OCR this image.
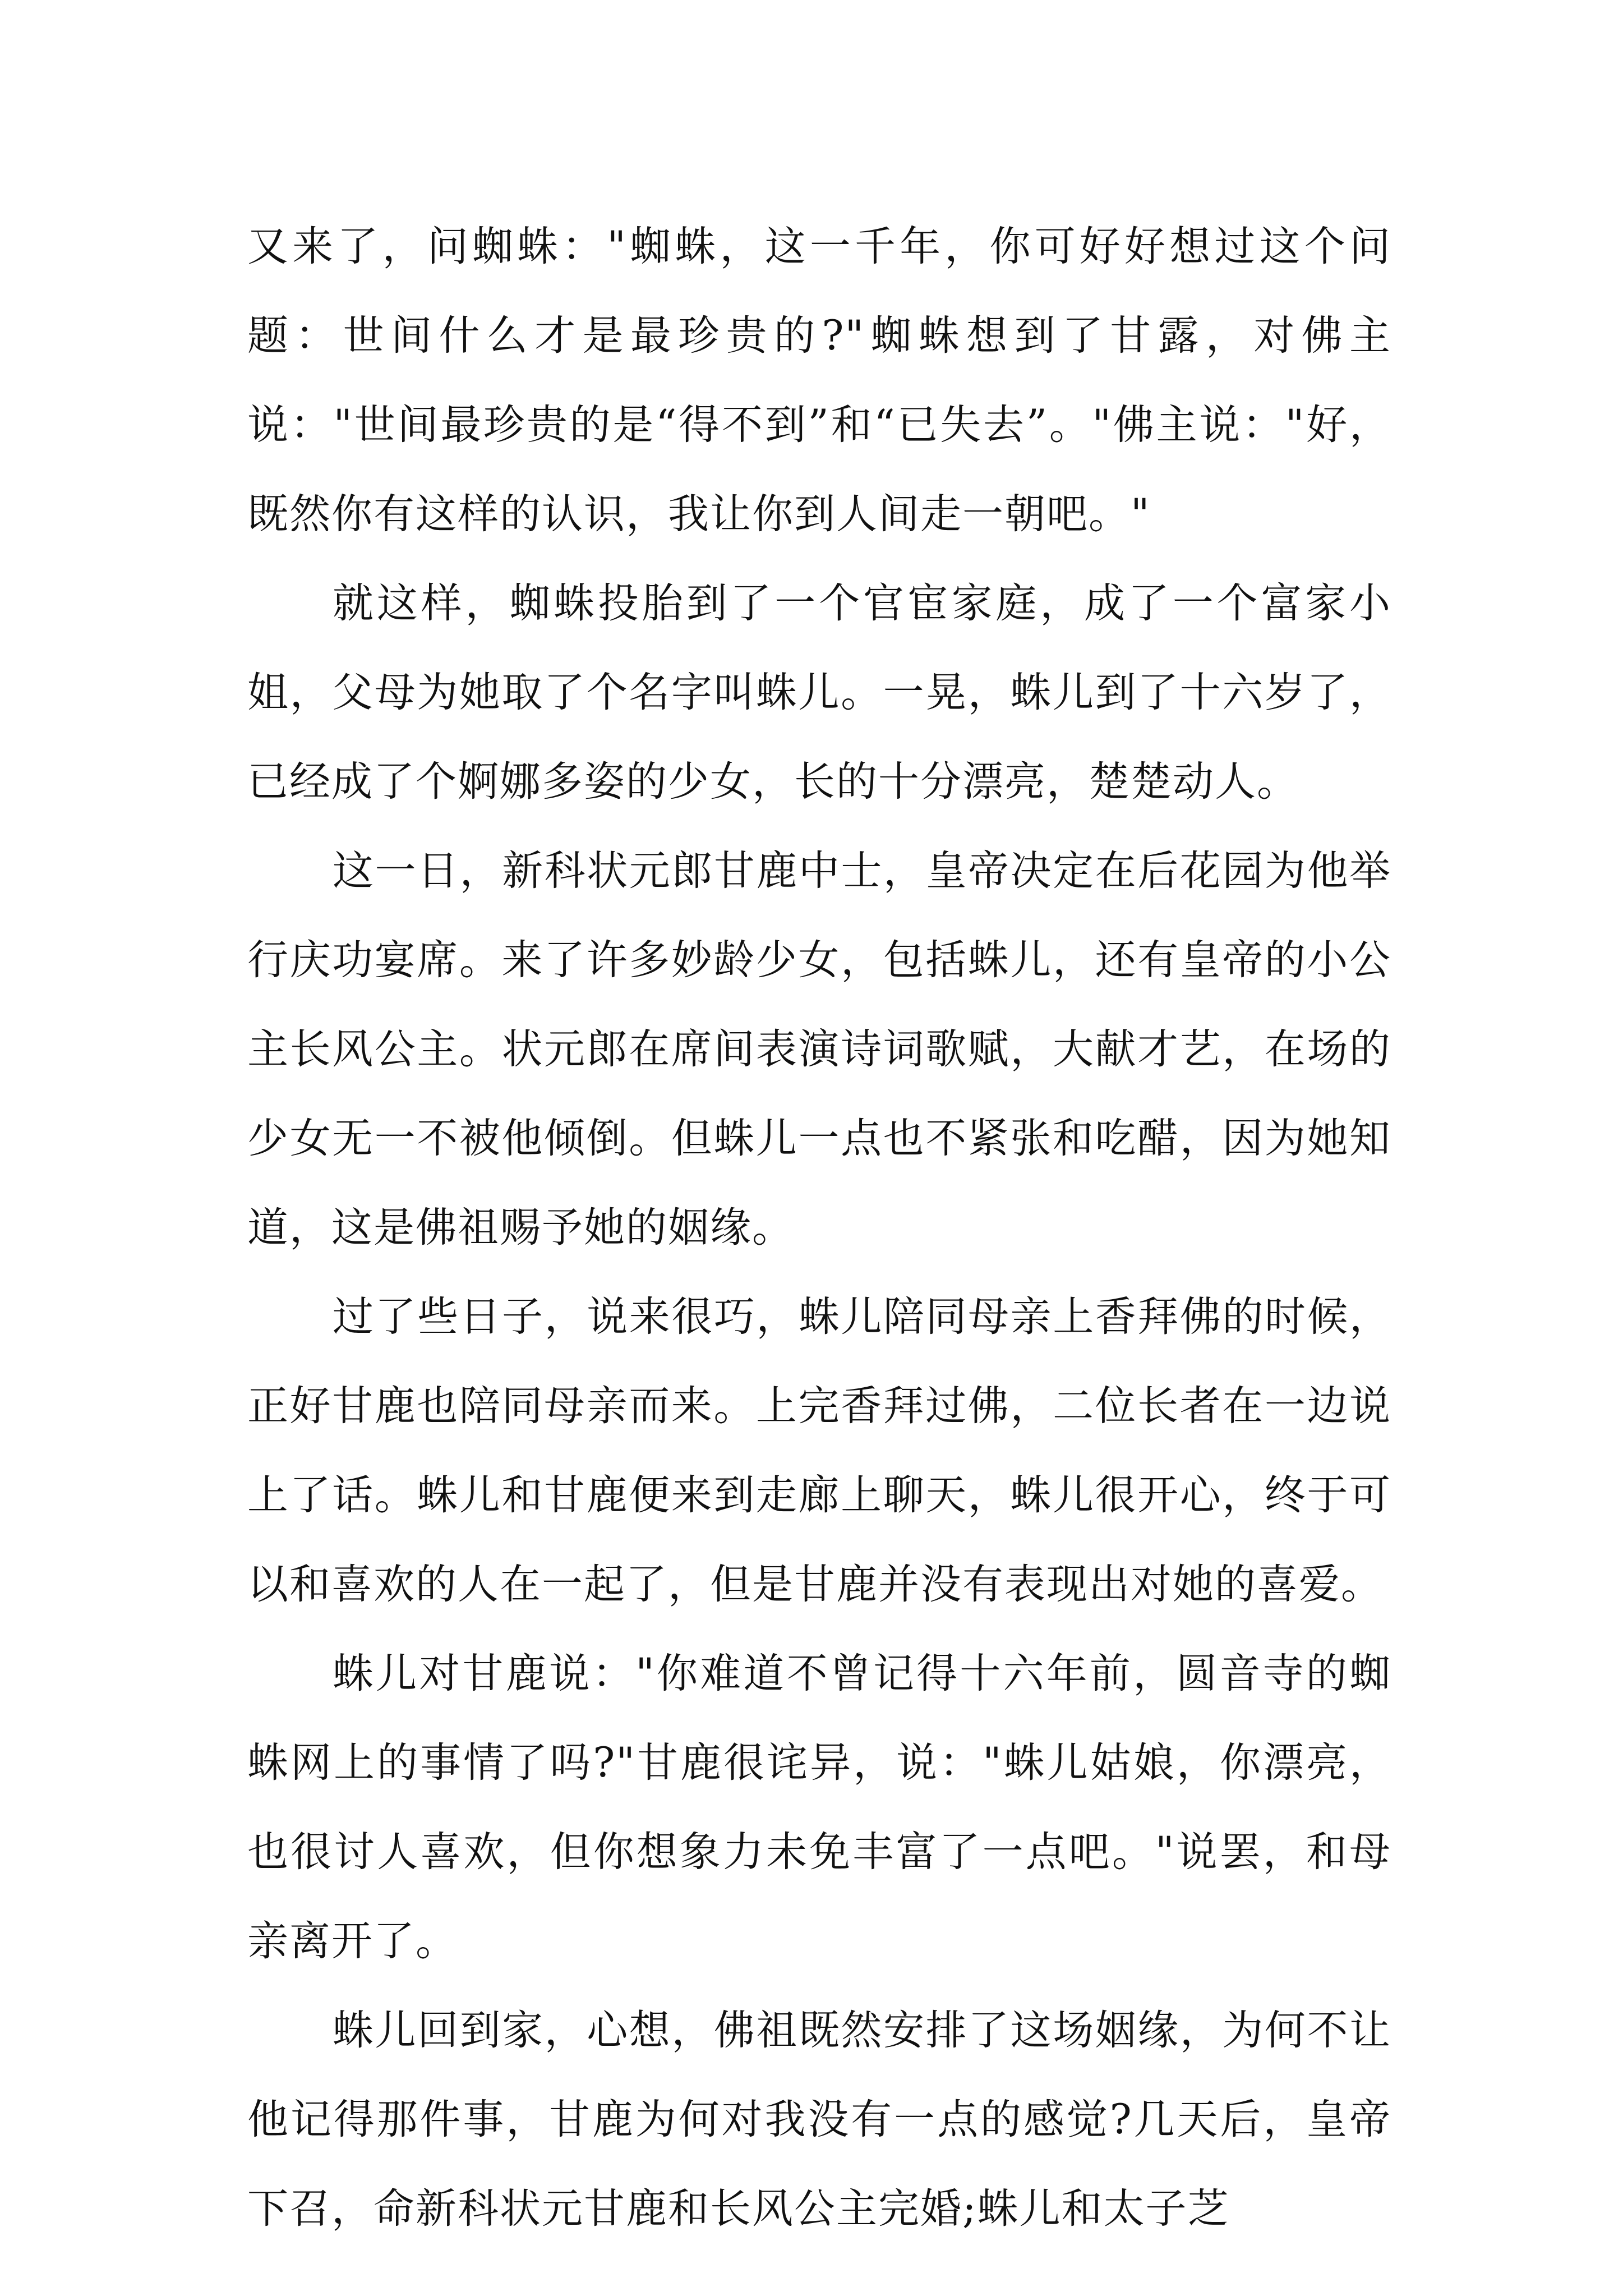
又来了，问蜘蛛："蜘蛛，这一千年，你可好好想过这个问题：世间什么才是最珍贵的?"蜘蛛想到了甘露，对佛主说："世间最珍贵的是“得不到”和“已失去”。"佛主说："好，既然你有这样的认识，我让你到人间走一朝吧。"

就这样，蜘蛛投胎到了一个官宦家庭，成了一个富家小姐，父母为她取了个名字叫蛛儿。一晃，蛛儿到了十六岁了，已经成了个婀娜多姿的少女，长的十分漂亮，楚楚动人。

这一日，新科状元郎甘鹿中士，皇帝决定在后花园为他举行庆功宴席。来了许多妙龄少女，包括蛛儿，还有皇帝的小公主长风公主。状元郎在席间表演诗词歌赋，大献才艺，在场的少女无一不被他倾倒。但蛛儿一点也不紧张和吃醋，因为她知道，这是佛祖赐予她的姻缘。

过了些日子，说来很巧，蛛儿陪同母亲上香拜佛的时候，正好甘鹿也陪同母亲而来。上完香拜过佛，二位长者在一边说上了话。蛛儿和甘鹿便来到走廊上聊天，蛛儿很开心，终于可以和喜欢的人在一起了，但是甘鹿并没有表现出对她的喜爱。

蛛儿对甘鹿说："你难道不曾记得十六年前，圆音寺的蜘蛛网上的事情了吗?"甘鹿很诧异，说："蛛儿姑娘，你漂亮，也很讨人喜欢，但你想象力未免丰富了一点吧。"说罢，和母亲离开了。

蛛儿回到家，心想，佛祖既然安排了这场姻缘，为何不让他记得那件事，甘鹿为何对我没有一点的感觉?几天后，皇帝下召，命新科状元甘鹿和长风公主完婚;蛛儿和太子芝
